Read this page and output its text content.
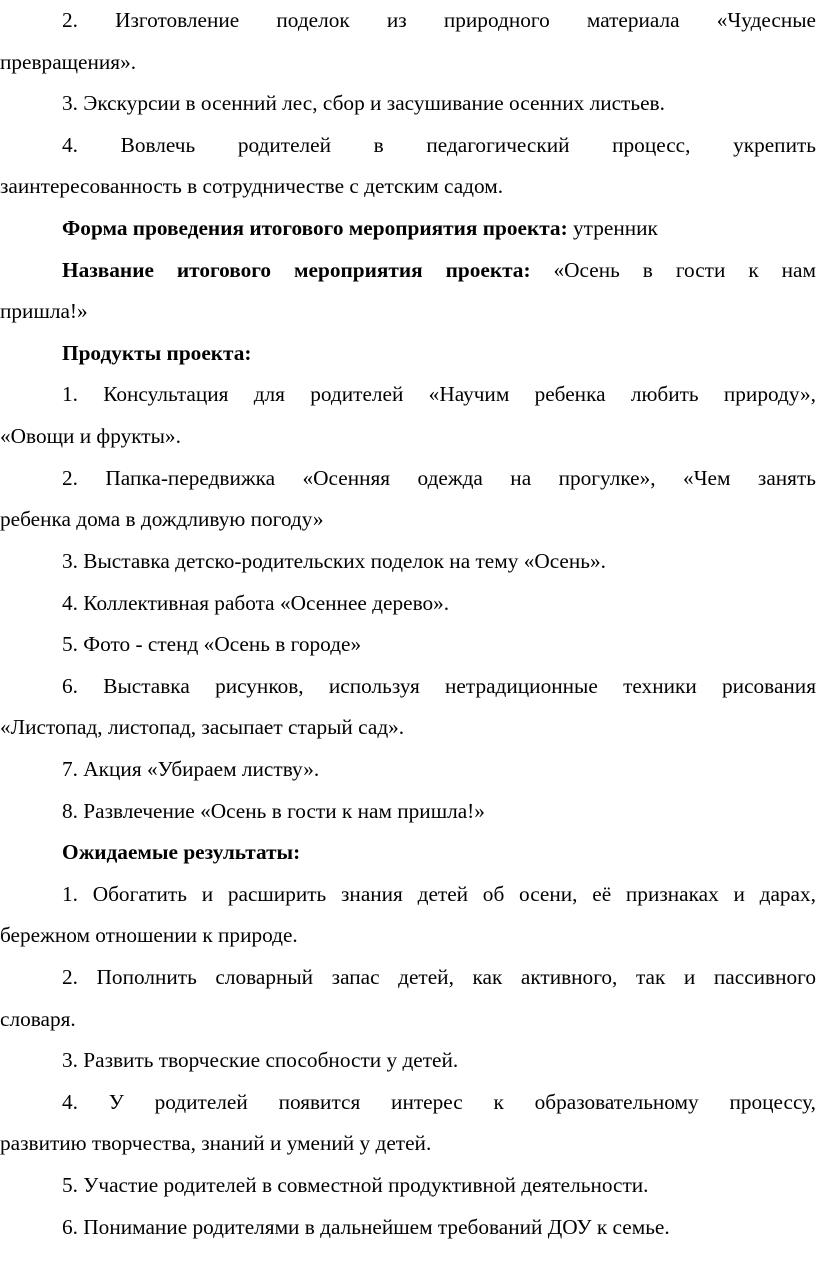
2. Изготовление поделок из природного материала «Чудесные
превращения».
3. Экскурсии в осенний лес, сбор и засушивание осенних листьев.
4. Вовлечь родителей в педагогический процесс, укрепить
заинтересованность в сотрудничестве с детским садом.
Форма проведения итогового мероприятия проекта: утренник
Название итогового мероприятия проекта: «Осень в гости к нам
пришла!»
Продукты проекта:
1. Консультация для родителей «Научим ребенка любить природу»,
«Овощи и фрукты».
2. Папка-передвижка «Осенняя одежда на прогулке», «Чем занять
ребенка дома в дождливую погоду»
3. Выставка детско-родительских поделок на тему «Осень».
4. Коллективная работа «Осеннее дерево».
5. Фото - стенд «Осень в городе»
6. Выставка рисунков, используя нетрадиционные техники рисования
«Листопад, листопад, засыпает старый сад».
7. Акция «Убираем листву».
8. Развлечение «Осень в гости к нам пришла!»
Ожидаемые результаты:
1. Обогатить и расширить знания детей об осени, её признаках и дарах,
бережном отношении к природе.
2. Пополнить словарный запас детей, как активного, так и пассивного
словаря.
3. Развить творческие способности у детей.
4. У родителей появится интерес к образовательному процессу,
развитию творчества, знаний и умений у детей.
5. Участие родителей в совместной продуктивной деятельности.
6. Понимание родителями в дальнейшем требований ДОУ к семье.
